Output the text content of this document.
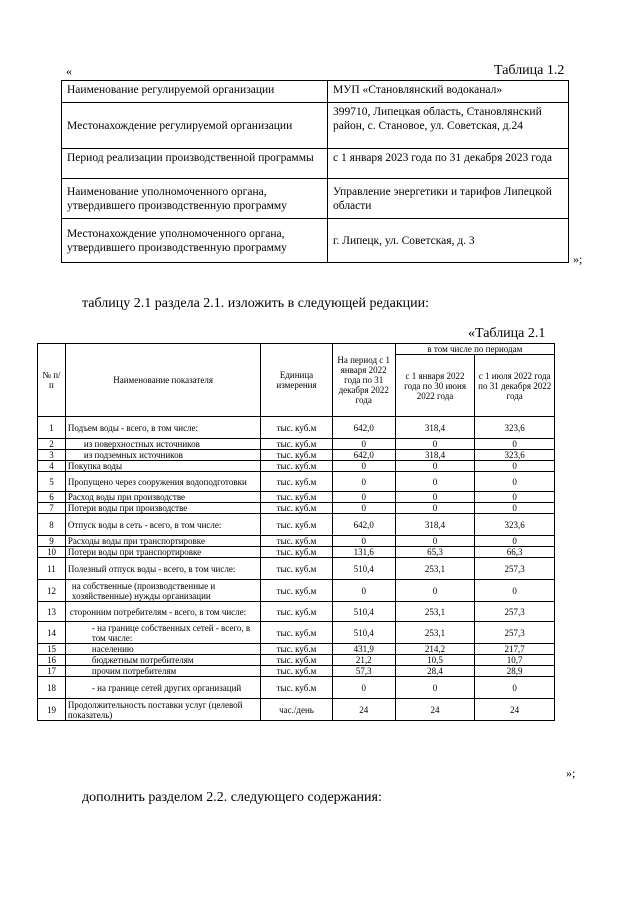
«	Таблица 1.2
Наименование регулируемой организации	МУП «Становлянский водоканал»
Местонахождение регулируемой организации	399710, Липецкая область, Становлянский район, с. Становое, ул. Советская, д.24
Период реализации производственной программы	с 1 января 2023 года по 31 декабря 2023 года
Наименование уполномоченного органа, утвердившего производственную программу	Управление энергетики и тарифов Липецкой области
Местонахождение уполномоченного органа, утвердившего производственную программу	г. Липецк, ул. Советская, д. 3
»;
таблицу 2.1 раздела 2.1. изложить в следующей редакции:
«Таблица 2.1
№ п/п	Наименование показателя	Единица измерения	На период с 1 января 2022 года по 31 декабря 2022 года	в том числе по периодам	
				с 1 января 2022 года по 30 июня 2022 года	с 1 июля 2022 года по 31 декабря 2022 года
1	Подъем воды - всего, в том числе:	тыс. куб.м	642,0	318,4	323,6
2	из поверхностных источников	тыс. куб.м	0	0	0
3	из подземных источников	тыс. куб.м	642,0	318,4	323,6
4	Покупка воды	тыс. куб.м	0	0	0
5	Пропущено через сооружения водоподготовки	тыс. куб.м	0	0	0
6	Расход воды при производстве	тыс. куб.м	0	0	0
7	Потери воды при производстве	тыс. куб.м	0	0	0
8	Отпуск воды в сеть - всего, в том числе:	тыс. куб.м	642,0	318,4	323,6
9	Расходы воды при транспортировке	тыс. куб.м	0	0	0
10	Потери воды при транспортировке	тыс. куб.м	131,6	65,3	66,3
11	Полезный отпуск воды - всего, в том числе:	тыс. куб.м	510,4	253,1	257,3
12	на собственные (производственные и хозяйственные) нужды организации	тыс. куб.м	0	0	0
13	сторонним потребителям - всего, в том числе:	тыс. куб.м	510,4	253,1	257,3
14	- на границе собственных сетей - всего, в том числе:	тыс. куб.м	510,4	253,1	257,3
15	населению	тыс. куб.м	431,9	214,2	217,7
16	бюджетным потребителям	тыс. куб.м	21,2	10,5	10,7
17	прочим потребителям	тыс. куб.м	57,3	28,4	28,9
18	- на границе сетей других организаций	тыс. куб.м	0	0	0
19	Продолжительность поставки услуг (целевой показатель)	час./день	24	24	24
»;
дополнить разделом 2.2. следующего содержания:
